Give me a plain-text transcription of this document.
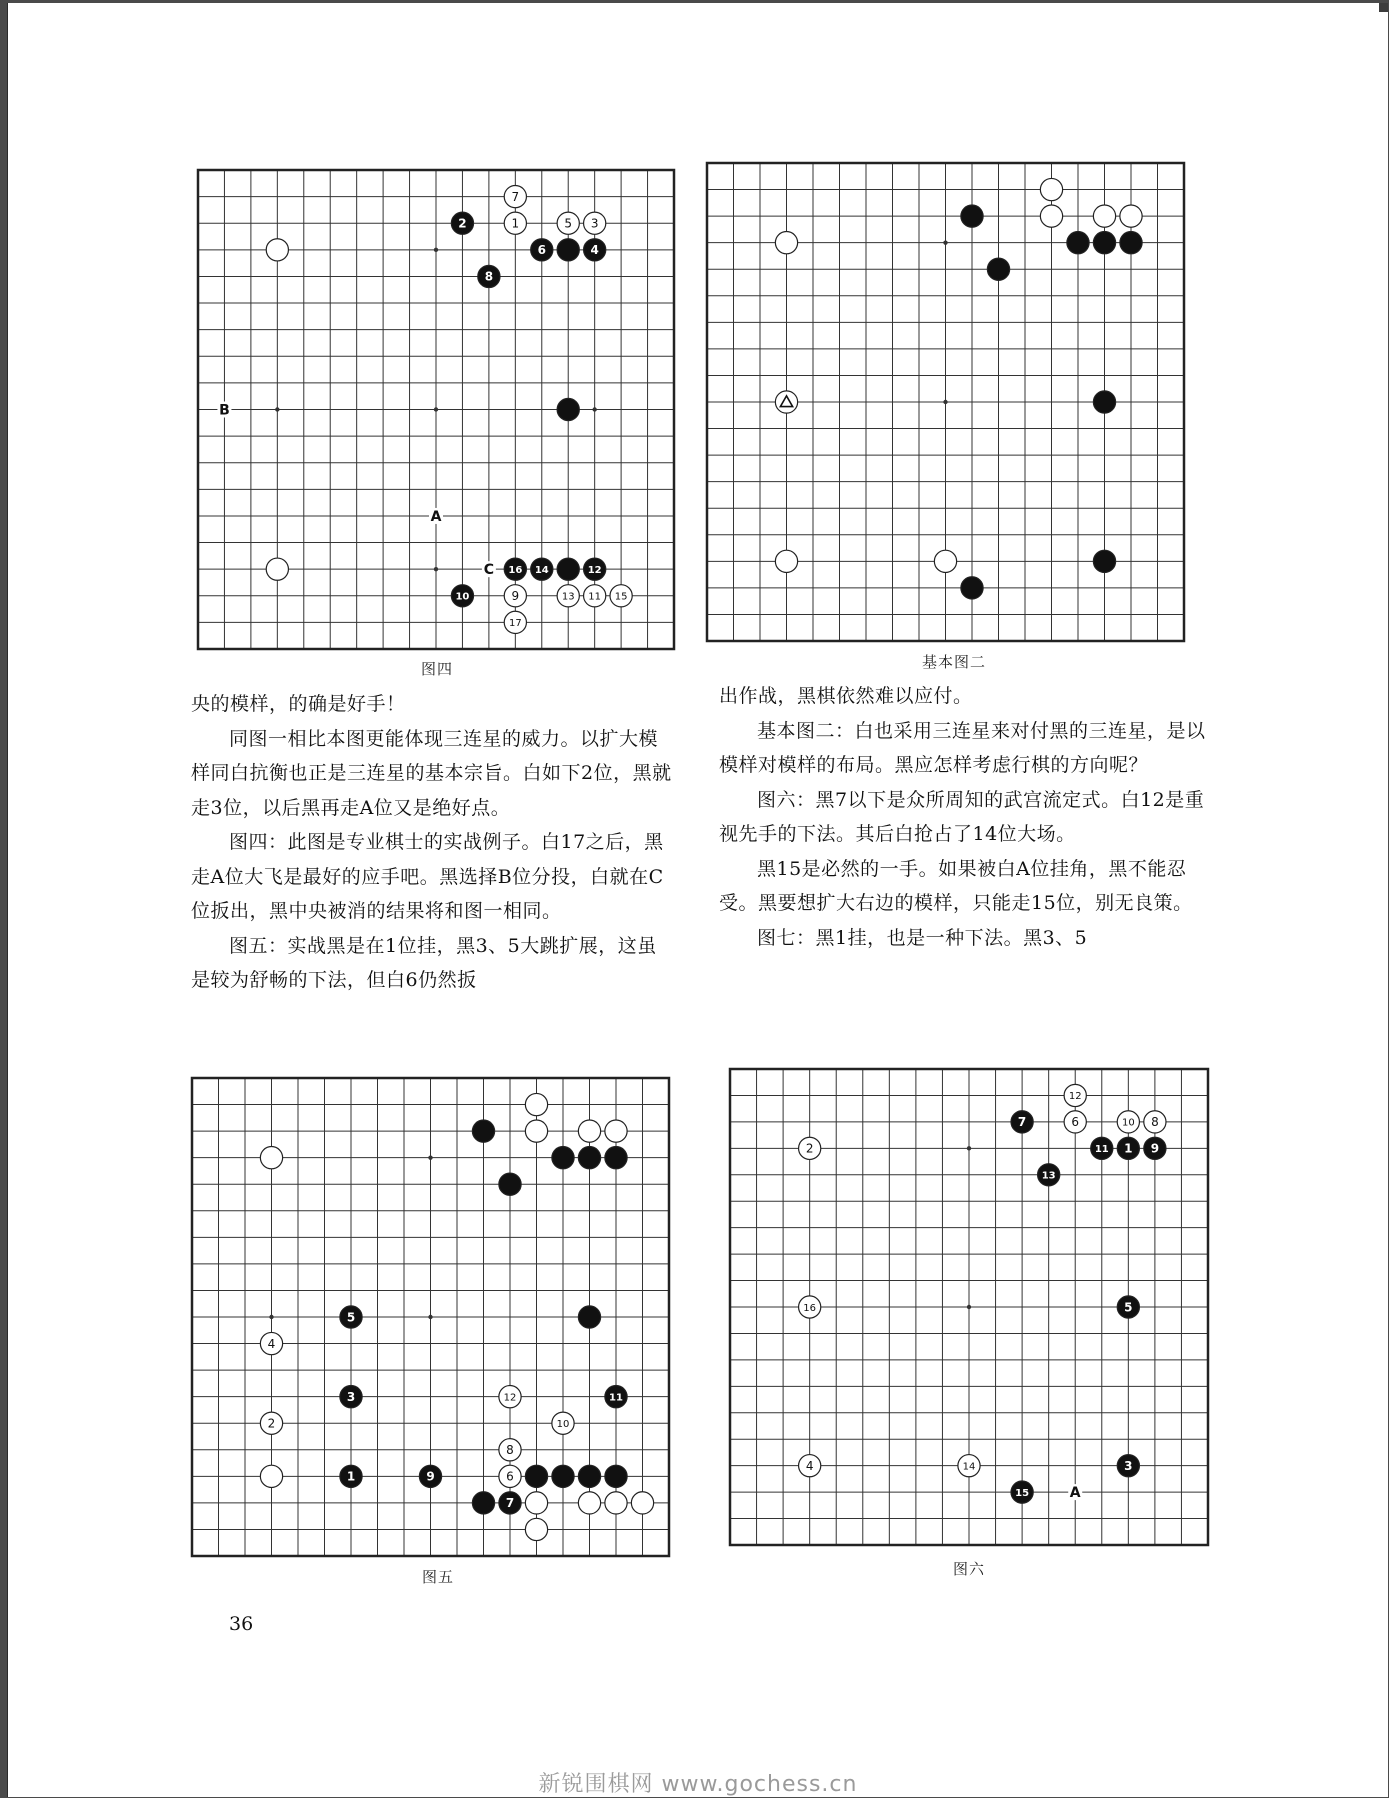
7
2	1	5 3
6	4
8
16 14	12
10	9	13 11 15
17
B
A
C
图四	基本图二

央的模样，的确是好手！

同图一相比本图更能体现三连星的威力。以扩大模样同白抗衡也正是三连星的基本宗旨。白如下2位，黑就走3位，以后黑再走A位又是绝好点。

图四：此图是专业棋士的实战例子。白17之后，黑走A位大飞是最好的应手吧。黑选择B位分投，白就在C位扳出，黑中央被消的结果将和图一相同。

图五：实战黑是在1位挂，黑3、5大跳扩展，这虽是较为舒畅的下法，但白6仍然扳

出作战，黑棋依然难以应付。

基本图二：白也采用三连星来对付黑的三连星，是以模样对模样的布局。黑应怎样考虑行棋的方向呢？

图六：黑7以下是众所周知的武宫流定式。白12是重视先手的下法。其后白抢占了14位大场。

黑15是必然的一手。如果被白A位挂角，黑不能忍受。黑要想扩大右边的模样，只能走15位，别无良策。

图七：黑1挂，也是一种下法。黑3、5

5
4
3	12	11
2	10
8
1	9	6
7
图五
12
7	6	10 8
2	11 1 9
13
16	5
4	14	3
15	A
图六
36
新锐围棋网 www.gochess.cn
